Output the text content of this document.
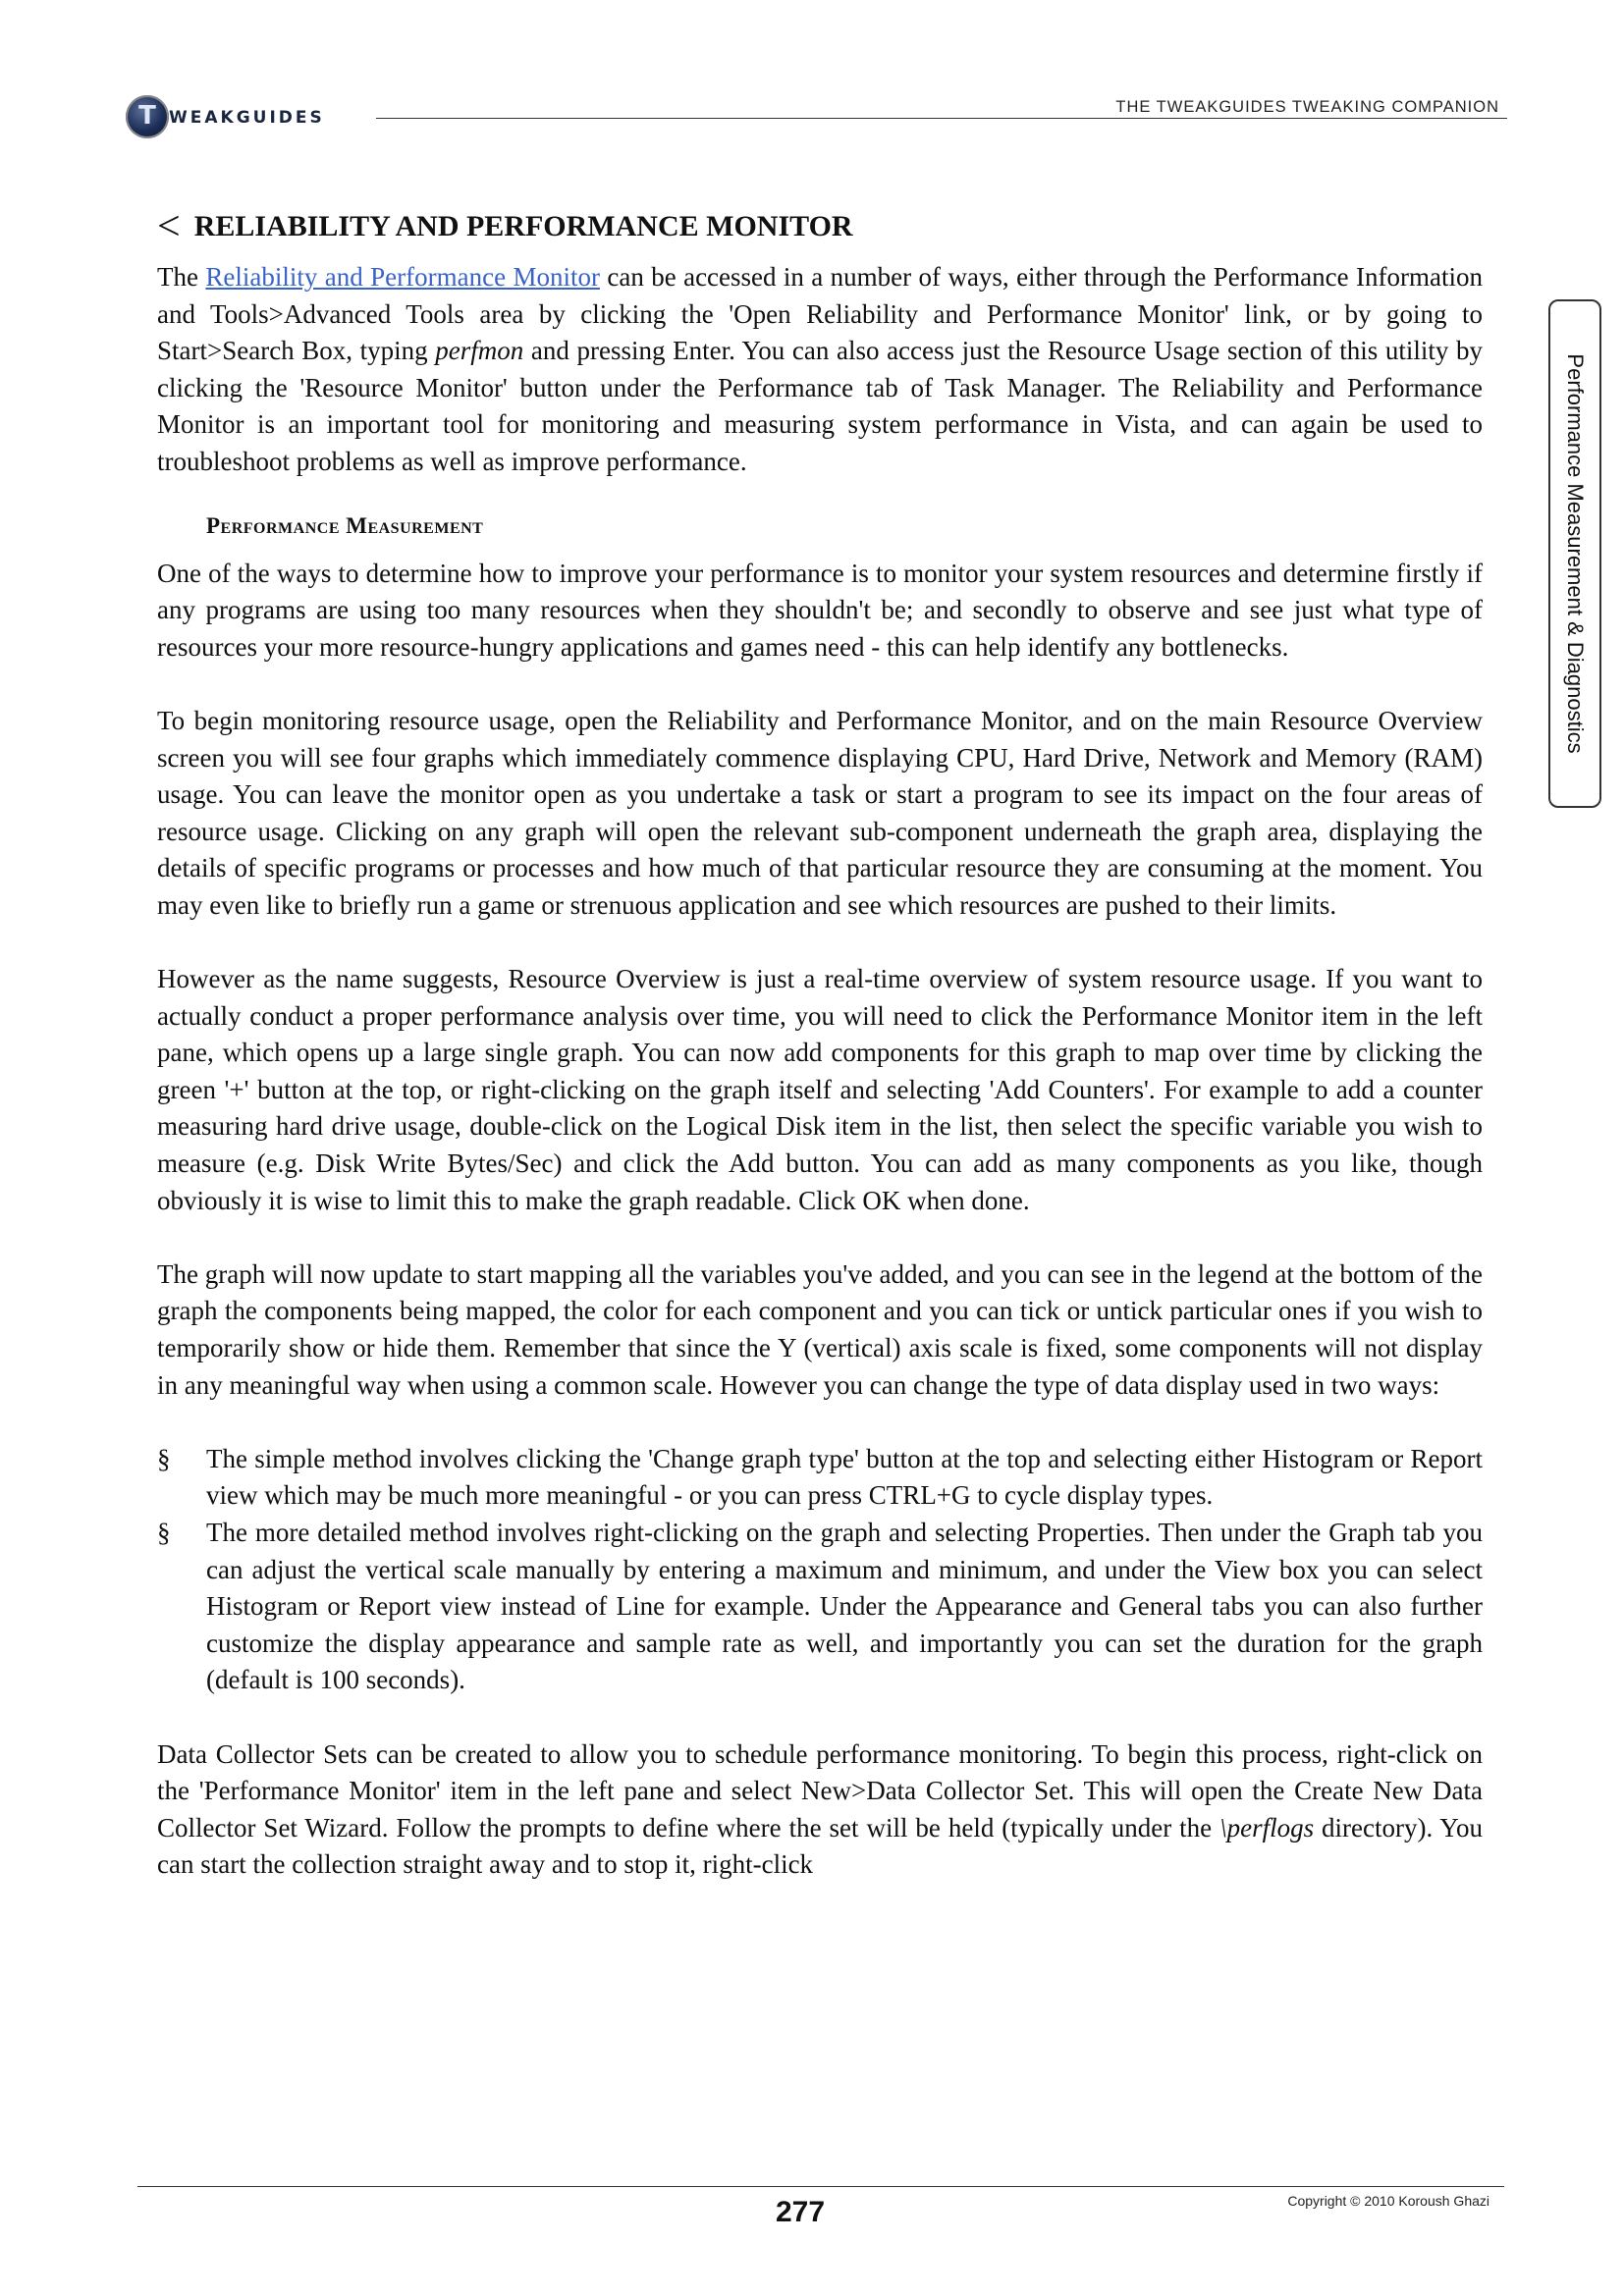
T WEAKGUIDES
THE TWEAKGUIDES TWEAKING COMPANION
Performance Measurement & Diagnostics
< RELIABILITY AND PERFORMANCE MONITOR

The Reliability and Performance Monitor can be accessed in a number of ways, either through the Performance Information and Tools>Advanced Tools area by clicking the 'Open Reliability and Performance Monitor' link, or by going to Start>Search Box, typing perfmon and pressing Enter. You can also access just the Resource Usage section of this utility by clicking the 'Resource Monitor' button under the Performance tab of Task Manager. The Reliability and Performance Monitor is an important tool for monitoring and measuring system performance in Vista, and can again be used to troubleshoot problems as well as improve performance.

Performance Measurement

One of the ways to determine how to improve your performance is to monitor your system resources and determine firstly if any programs are using too many resources when they shouldn't be; and secondly to observe and see just what type of resources your more resource-hungry applications and games need - this can help identify any bottlenecks.

To begin monitoring resource usage, open the Reliability and Performance Monitor, and on the main Resource Overview screen you will see four graphs which immediately commence displaying CPU, Hard Drive, Network and Memory (RAM) usage. You can leave the monitor open as you undertake a task or start a program to see its impact on the four areas of resource usage. Clicking on any graph will open the relevant sub-component underneath the graph area, displaying the details of specific programs or processes and how much of that particular resource they are consuming at the moment. You may even like to briefly run a game or strenuous application and see which resources are pushed to their limits.

However as the name suggests, Resource Overview is just a real-time overview of system resource usage. If you want to actually conduct a proper performance analysis over time, you will need to click the Performance Monitor item in the left pane, which opens up a large single graph. You can now add components for this graph to map over time by clicking the green '+' button at the top, or right-clicking on the graph itself and selecting 'Add Counters'. For example to add a counter measuring hard drive usage, double-click on the Logical Disk item in the list, then select the specific variable you wish to measure (e.g. Disk Write Bytes/Sec) and click the Add button. You can add as many components as you like, though obviously it is wise to limit this to make the graph readable. Click OK when done.

The graph will now update to start mapping all the variables you've added, and you can see in the legend at the bottom of the graph the components being mapped, the color for each component and you can tick or untick particular ones if you wish to temporarily show or hide them. Remember that since the Y (vertical) axis scale is fixed, some components will not display in any meaningful way when using a common scale. However you can change the type of data display used in two ways:

§ The simple method involves clicking the 'Change graph type' button at the top and selecting either Histogram or Report view which may be much more meaningful - or you can press CTRL+G to cycle display types.

§ The more detailed method involves right-clicking on the graph and selecting Properties. Then under the Graph tab you can adjust the vertical scale manually by entering a maximum and minimum, and under the View box you can select Histogram or Report view instead of Line for example. Under the Appearance and General tabs you can also further customize the display appearance and sample rate as well, and importantly you can set the duration for the graph (default is 100 seconds).

Data Collector Sets can be created to allow you to schedule performance monitoring. To begin this process, right-click on the 'Performance Monitor' item in the left pane and select New>Data Collector Set. This will open the Create New Data Collector Set Wizard. Follow the prompts to define where the set will be held (typically under the \perflogs directory). You can start the collection straight away and to stop it, right-click

Copyright © 2010 Koroush Ghazi
277
